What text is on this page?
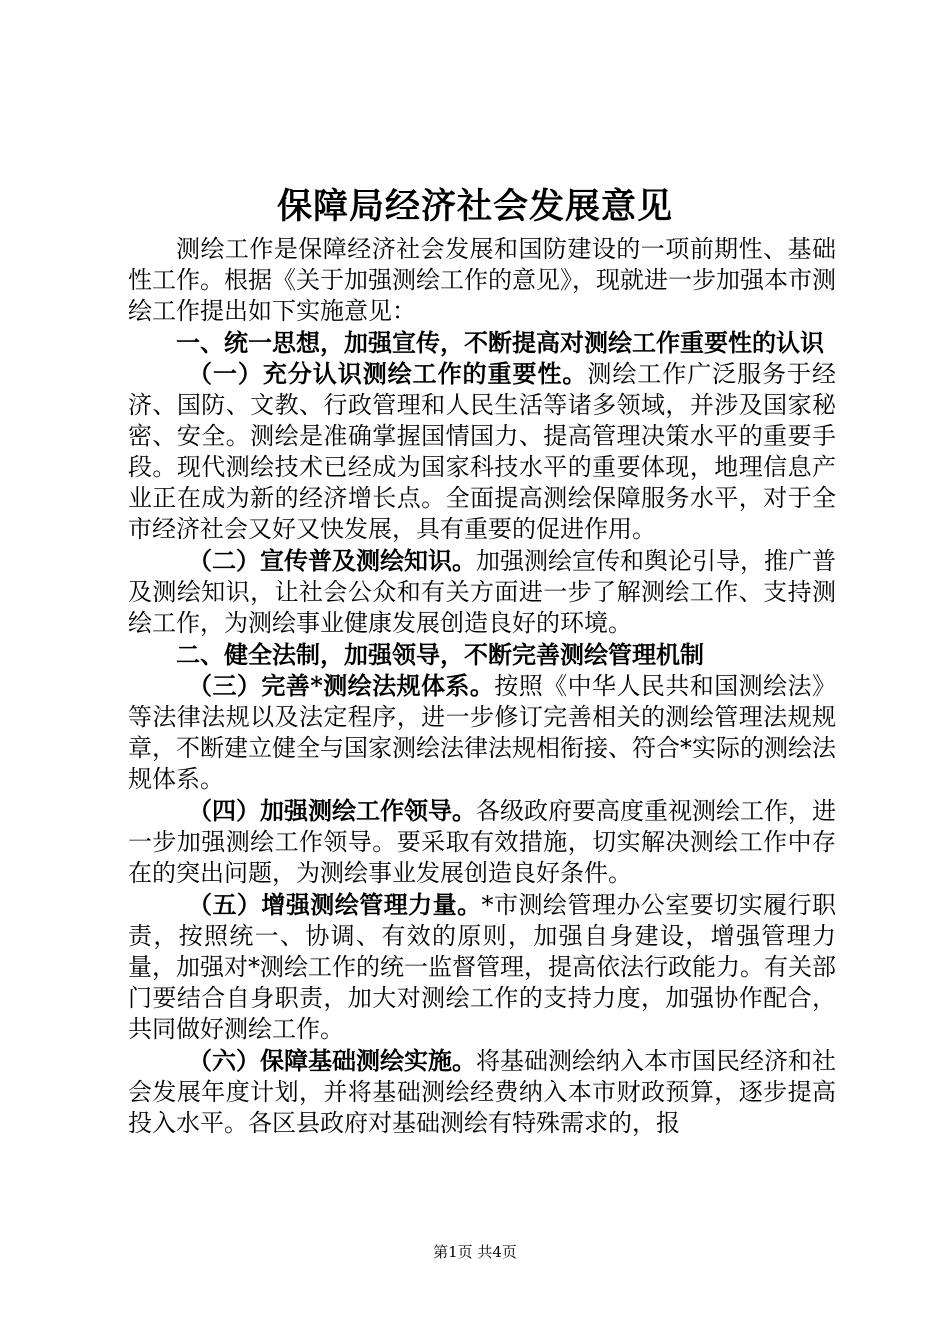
保障局经济社会发展意见

测绘工作是保障经济社会发展和国防建设的一项前期性、基础性工作。根据《关于加强测绘工作的意见》，现就进一步加强本市测绘工作提出如下实施意见：

一、统一思想，加强宣传，不断提高对测绘工作重要性的认识

（一）充分认识测绘工作的重要性。测绘工作广泛服务于经济、国防、文教、行政管理和人民生活等诸多领域，并涉及国家秘密、安全。测绘是准确掌握国情国力、提高管理决策水平的重要手段。现代测绘技术已经成为国家科技水平的重要体现，地理信息产业正在成为新的经济增长点。全面提高测绘保障服务水平，对于全市经济社会又好又快发展，具有重要的促进作用。

（二）宣传普及测绘知识。加强测绘宣传和舆论引导，推广普及测绘知识，让社会公众和有关方面进一步了解测绘工作、支持测绘工作，为测绘事业健康发展创造良好的环境。

二、健全法制，加强领导，不断完善测绘管理机制

（三）完善*测绘法规体系。按照《中华人民共和国测绘法》等法律法规以及法定程序，进一步修订完善相关的测绘管理法规规章，不断建立健全与国家测绘法律法规相衔接、符合*实际的测绘法规体系。

（四）加强测绘工作领导。各级政府要高度重视测绘工作，进一步加强测绘工作领导。要采取有效措施，切实解决测绘工作中存在的突出问题，为测绘事业发展创造良好条件。

（五）增强测绘管理力量。*市测绘管理办公室要切实履行职责，按照统一、协调、有效的原则，加强自身建设，增强管理力量，加强对*测绘工作的统一监督管理，提高依法行政能力。有关部门要结合自身职责，加大对测绘工作的支持力度，加强协作配合，共同做好测绘工作。

（六）保障基础测绘实施。将基础测绘纳入本市国民经济和社会发展年度计划，并将基础测绘经费纳入本市财政预算，逐步提高投入水平。各区县政府对基础测绘有特殊需求的，报

第1页 共4页
